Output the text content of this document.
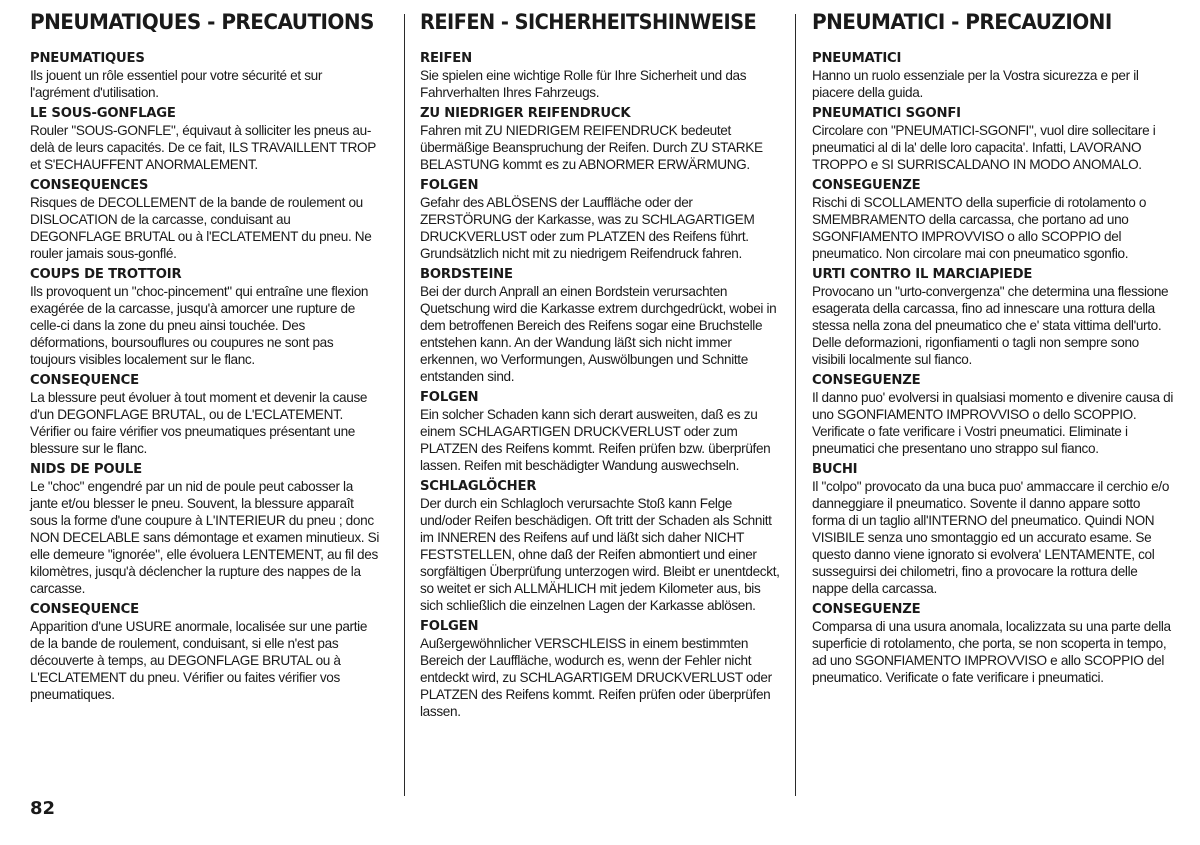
PNEUMATIQUES - PRECAUTIONS

PNEUMATIQUES

Ils jouent un rôle essentiel pour votre sécurité et sur l'agrément d'utilisation.

LE SOUS-GONFLAGE

Rouler "SOUS-GONFLE", équivaut à solliciter les pneus au-delà de leurs capacités. De ce fait, ILS TRAVAILLENT TROP et S'ECHAUFFENT ANORMALEMENT.

CONSEQUENCES

Risques de DECOLLEMENT de la bande de roulement ou DISLOCATION de la carcasse, conduisant au DEGONFLAGE BRUTAL ou à l'ECLATEMENT du pneu. Ne rouler jamais sous-gonflé.

COUPS DE TROTTOIR

Ils provoquent un "choc-pincement" qui entraîne une flexion exagérée de la carcasse, jusqu'à amorcer une rupture de celle-ci dans la zone du pneu ainsi touchée. Des déformations, boursouflures ou coupures ne sont pas toujours visibles localement sur le flanc.

CONSEQUENCE

La blessure peut évoluer à tout moment et devenir la cause d'un DEGONFLAGE BRUTAL, ou de L'ECLATEMENT. Vérifier ou faire vérifier vos pneumatiques présentant une blessure sur le flanc.

NIDS DE POULE

Le "choc" engendré par un nid de poule peut cabosser la jante et/ou blesser le pneu. Souvent, la blessure apparaît sous la forme d'une coupure à L'INTERIEUR du pneu ; donc NON DECELABLE sans démontage et examen minutieux. Si elle demeure "ignorée", elle évoluera LENTEMENT, au fil des kilomètres, jusqu'à déclencher la rupture des nappes de la carcasse.

CONSEQUENCE

Apparition d'une USURE anormale, localisée sur une partie de la bande de roulement, conduisant, si elle n'est pas découverte à temps, au DEGONFLAGE BRUTAL ou à L'ECLATEMENT du pneu. Vérifier ou faites vérifier vos pneumatiques.

REIFEN - SICHERHEITSHINWEISE

REIFEN

Sie spielen eine wichtige Rolle für Ihre Sicherheit und das Fahrverhalten Ihres Fahrzeugs.

ZU NIEDRIGER REIFENDRUCK

Fahren mit ZU NIEDRIGEM REIFENDRUCK bedeutet übermäßige Beanspruchung der Reifen. Durch ZU STARKE BELASTUNG kommt es zu ABNORMER ERWÄRMUNG.

FOLGEN

Gefahr des ABLÖSENS der Lauffläche oder der ZERSTÖRUNG der Karkasse, was zu SCHLAGARTIGEM DRUCKVERLUST oder zum PLATZEN des Reifens führt. Grundsätzlich nicht mit zu niedrigem Reifendruck fahren.

BORDSTEINE

Bei der durch Anprall an einen Bordstein verursachten Quetschung wird die Karkasse extrem durchgedrückt, wobei in dem betroffenen Bereich des Reifens sogar eine Bruchstelle entstehen kann. An der Wandung läßt sich nicht immer erkennen, wo Verformungen, Auswölbungen und Schnitte entstanden sind.

FOLGEN

Ein solcher Schaden kann sich derart ausweiten, daß es zu einem SCHLAGARTIGEN DRUCKVERLUST oder zum PLATZEN des Reifens kommt. Reifen prüfen bzw. überprüfen lassen. Reifen mit beschädigter Wandung auswechseln.

SCHLAGLÖCHER

Der durch ein Schlagloch verursachte Stoß kann Felge und/oder Reifen beschädigen. Oft tritt der Schaden als Schnitt im INNEREN des Reifens auf und läßt sich daher NICHT FESTSTELLEN, ohne daß der Reifen abmontiert und einer sorgfältigen Überprüfung unterzogen wird. Bleibt er unentdeckt, so weitet er sich ALLMÄHLICH mit jedem Kilometer aus, bis sich schließlich die einzelnen Lagen der Karkasse ablösen.

FOLGEN

Außergewöhnlicher VERSCHLEISS in einem bestimmten Bereich der Lauffläche, wodurch es, wenn der Fehler nicht entdeckt wird, zu SCHLAGARTIGEM DRUCKVERLUST oder PLATZEN des Reifens kommt. Reifen prüfen oder überprüfen lassen.

PNEUMATICI - PRECAUZIONI

PNEUMATICI

Hanno un ruolo essenziale per la Vostra sicurezza e per il piacere della guida.

PNEUMATICI SGONFI

Circolare con "PNEUMATICI-SGONFI", vuol dire sollecitare i pneumatici al di la' delle loro capacita'. Infatti, LAVORANO TROPPO e SI SURRISCALDANO IN MODO ANOMALO.

CONSEGUENZE

Rischi di SCOLLAMENTO della superficie di rotolamento o SMEMBRAMENTO della carcassa, che portano ad uno SGONFIAMENTO IMPROVVISO o allo SCOPPIO del pneumatico. Non circolare mai con pneumatico sgonfio.

URTI CONTRO IL MARCIAPIEDE

Provocano un "urto-convergenza" che determina una flessione esagerata della carcassa, fino ad innescare una rottura della stessa nella zona del pneumatico che e' stata vittima dell'urto. Delle deformazioni, rigonfiamenti o tagli non sempre sono visibili localmente sul fianco.

CONSEGUENZE

Il danno puo' evolversi in qualsiasi momento e divenire causa di uno SGONFIAMENTO IMPROVVISO o dello SCOPPIO. Verificate o fate verificare i Vostri pneumatici. Eliminate i pneumatici che presentano uno strappo sul fianco.

BUCHI

Il "colpo" provocato da una buca puo' ammaccare il cerchio e/o danneggiare il pneumatico. Sovente il danno appare sotto forma di un taglio all'INTERNO del pneumatico. Quindi NON VISIBILE senza uno smontaggio ed un accurato esame. Se questo danno viene ignorato si evolvera' LENTAMENTE, col susseguirsi dei chilometri, fino a provocare la rottura delle nappe della carcassa.

CONSEGUENZE

Comparsa di una usura anomala, localizzata su una parte della superficie di rotolamento, che porta, se non scoperta in tempo, ad uno SGONFIAMENTO IMPROVVISO e allo SCOPPIO del pneumatico. Verificate o fate verificare i pneumatici.

82
